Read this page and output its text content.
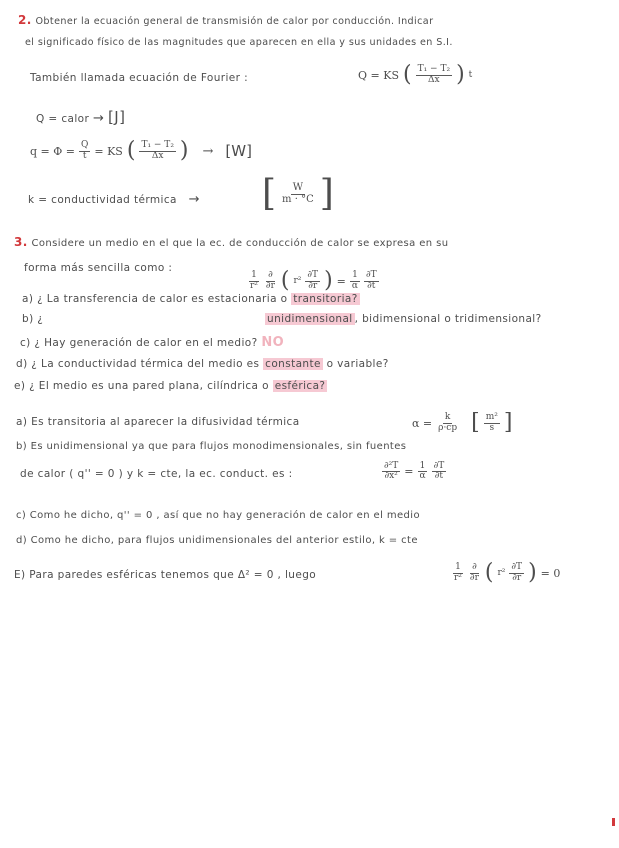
2. Obtener la ecuación general de transmisión de calor por conducción. Indicar
el significado físico de las magnitudes que aparecen en ella y sus unidades en S.I.
También llamada ecuación de Fourier :	Q = KS ( $\frac{\text{T₁ − T₂}}{\Delta x}$ ) t
Q = calor → [J]
$q = \Phi = \frac{Q}{t}$ = KS ( $\frac{\text{T₁ − T₂}}{\Delta x}$ ) → [W]
k = conductividad térmica → [ $\frac{W}{m \cdot ^\circ C}$ ]
3. Considere un medio en el que la ec. de conducción de calor se expresa en su
forma más sencilla como :
$\frac{1}{\text{r²}} \frac{\partial}{\partial r}$ ( $r^2 \frac{\partial T}{\partial r}$ ) = $\frac{1}{\alpha} \frac{\partial T}{\partial t}$
a) ¿ La transferencia de calor es estacionaria o transitoria?
b) ¿	unidimensional , bidimensional o tridimensional?
c) ¿ Hay generación de calor en el medio? NO
d) ¿ La conductividad térmica del medio es constante o variable?
e) ¿ El medio es una pared plana, cilíndrica o esférica?
a) Es transitoria al aparecer la difusividad térmica	$\alpha = \frac{k}{\rho\cdot cp}$ [ $\frac{\text{m²}}{s}$ ]
b) Es unidimensional ya que para flujos monodimensionales, sin fuentes
de calor ( q'' = 0 ) y k = cte, la ec. conduct. es :	$\frac{\text{∂²T}}{\text{∂x²}} = \frac{1}{\alpha} \frac{\partial T}{\partial t}$
c) Como he dicho, q'' = 0 , así que no hay generación de calor en el medio
d) Como he dicho, para flujos unidimensionales del anterior estilo, k = cte
E) Para paredes esféricas tenemos que Δ² = 0 , luego	$\frac{1}{\text{r²}} \frac{\partial}{\partial r}$ ( $r^2 \frac{\partial T}{\partial r}$ ) = 0
